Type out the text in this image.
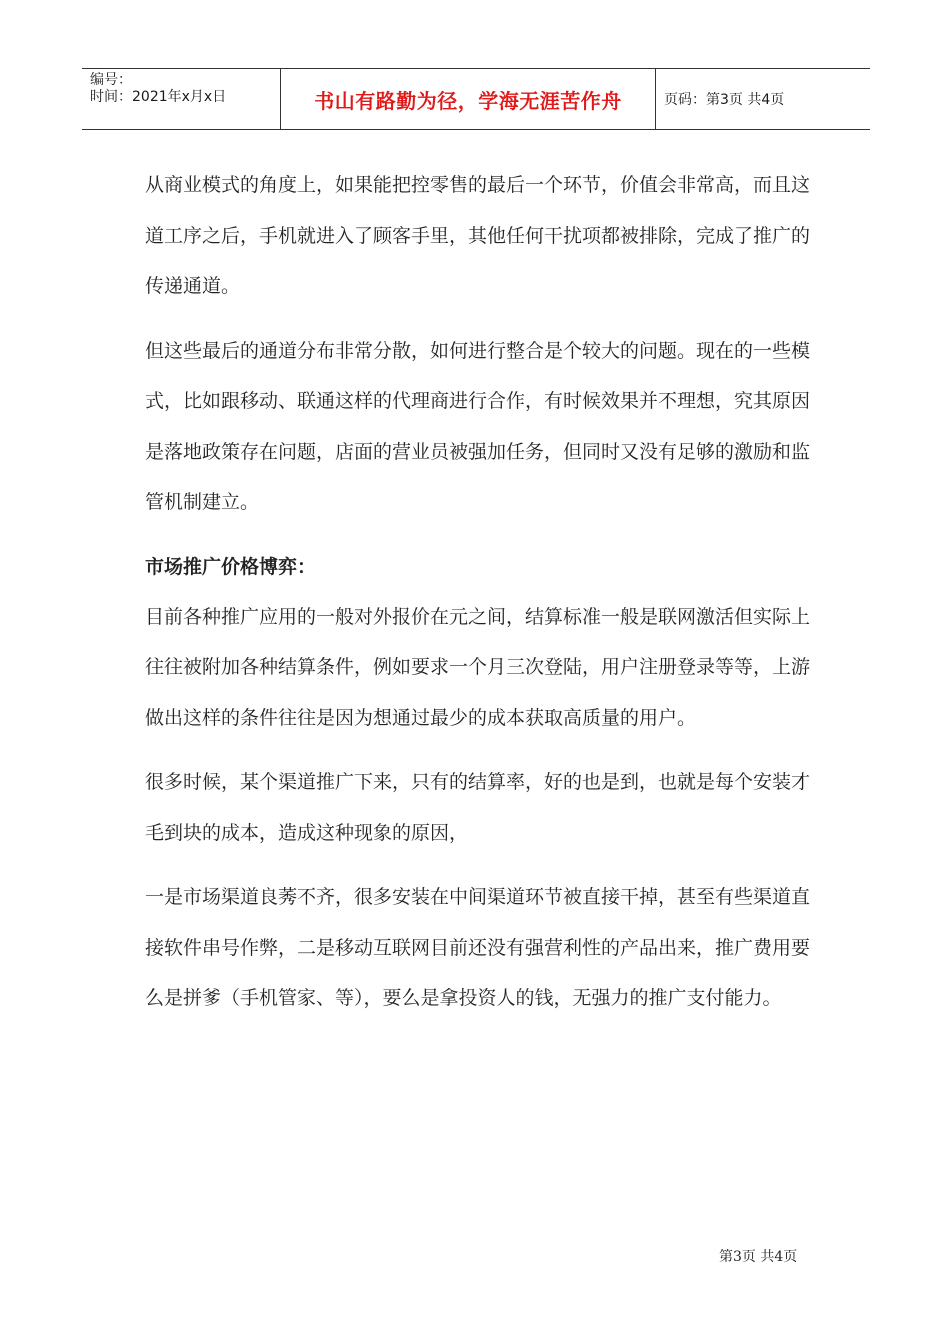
编号：
时间：2021年x月x日	书山有路勤为径，学海无涯苦作舟	页码：第3页 共4页

从商业模式的角度上，如果能把控零售的最后一个环节，价值会非常高，而且这道工序之后，手机就进入了顾客手里，其他任何干扰项都被排除，完成了推广的传递通道。

但这些最后的通道分布非常分散，如何进行整合是个较大的问题。现在的一些模式，比如跟移动、联通这样的代理商进行合作，有时候效果并不理想，究其原因是落地政策存在问题，店面的营业员被强加任务，但同时又没有足够的激励和监管机制建立。

市场推广价格博弈：

目前各种推广应用的一般对外报价在元之间，结算标准一般是联网激活但实际上往往被附加各种结算条件，例如要求一个月三次登陆，用户注册登录等等，上游做出这样的条件往往是因为想通过最少的成本获取高质量的用户。

很多时候，某个渠道推广下来，只有的结算率，好的也是到，也就是每个安装才毛到块的成本，造成这种现象的原因，

一是市场渠道良莠不齐，很多安装在中间渠道环节被直接干掉，甚至有些渠道直接软件串号作弊，二是移动互联网目前还没有强营利性的产品出来，推广费用要么是拼爹（手机管家、等），要么是拿投资人的钱，无强力的推广支付能力。

第3页 共4页
